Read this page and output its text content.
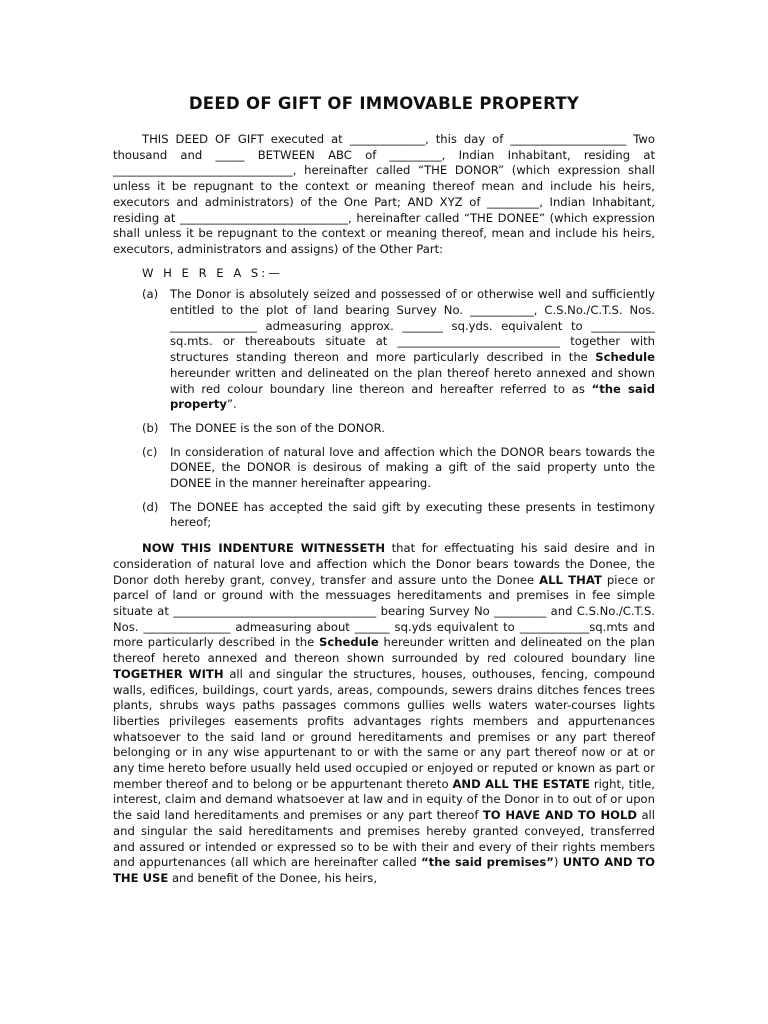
DEED OF GIFT OF IMMOVABLE PROPERTY

THIS DEED OF GIFT executed at _____________, this day of ____________________ Two thousand and _____ BETWEEN ABC of _________, Indian Inhabitant, residing at _______________________________, hereinafter called “THE DONOR” (which expression shall unless it be repugnant to the context or meaning thereof mean and include his heirs, executors and administrators) of the One Part; AND XYZ of _________, Indian Inhabitant, residing at _____________________________, hereinafter called “THE DONEE” (which expression shall unless it be repugnant to the context or meaning thereof, mean and include his heirs, executors, administrators and assigns) of the Other Part:

W H E R E A S:—

(a)	The Donor is absolutely seized and possessed of or otherwise well and sufficiently entitled to the plot of land bearing Survey No. ___________, C.S.No./C.T.S. Nos. _______________ admeasuring approx. _______ sq.yds. equivalent to ___________ sq.mts. or thereabouts situate at ____________________________ together with structures standing thereon and more particularly described in the Schedule hereunder written and delineated on the plan thereof hereto annexed and shown with red colour boundary line thereon and hereafter referred to as “the said property”.
(b) The DONEE is the son of the DONOR.
(c)	In consideration of natural love and affection which the DONOR bears towards the DONEE, the DONOR is desirous of making a gift of the said property unto the DONEE in the manner hereinafter appearing.
(d) The DONEE has accepted the said gift by executing these presents in testimony hereof;

NOW THIS INDENTURE WITNESSETH that for effectuating his said desire and in consideration of natural love and affection which the Donor bears towards the Donee, the Donor doth hereby grant, convey, transfer and assure unto the Donee ALL THAT piece or parcel of land or ground with the messuages hereditaments and premises in fee simple situate at ___________________________________ bearing Survey No _________ and C.S.No./C.T.S. Nos. _______________ admeasuring about ______ sq.yds equivalent to ____________sq.mts and more particularly described in the Schedule hereunder written and delineated on the plan thereof hereto annexed and thereon shown surrounded by red coloured boundary line TOGETHER WITH all and singular the structures, houses, outhouses, fencing, compound walls, edifices, buildings, court yards, areas, compounds, sewers drains ditches fences trees plants, shrubs ways paths passages commons gullies wells waters water-courses lights liberties privileges easements profits advantages rights members and appurtenances whatsoever to the said land or ground hereditaments and premises or any part thereof belonging or in any wise appurtenant to or with the same or any part thereof now or at or any time hereto before usually held used occupied or enjoyed or reputed or known as part or member thereof and to belong or be appurtenant thereto AND ALL THE ESTATE right, title, interest, claim and demand whatsoever at law and in equity of the Donor in to out of or upon the said land hereditaments and premises or any part thereof TO HAVE AND TO HOLD all and singular the said hereditaments and premises hereby granted conveyed, transferred and assured or intended or expressed so to be with their and every of their rights members and appurtenances (all which are hereinafter called “the said premises”) UNTO AND TO THE USE and benefit of the Donee, his heirs,
